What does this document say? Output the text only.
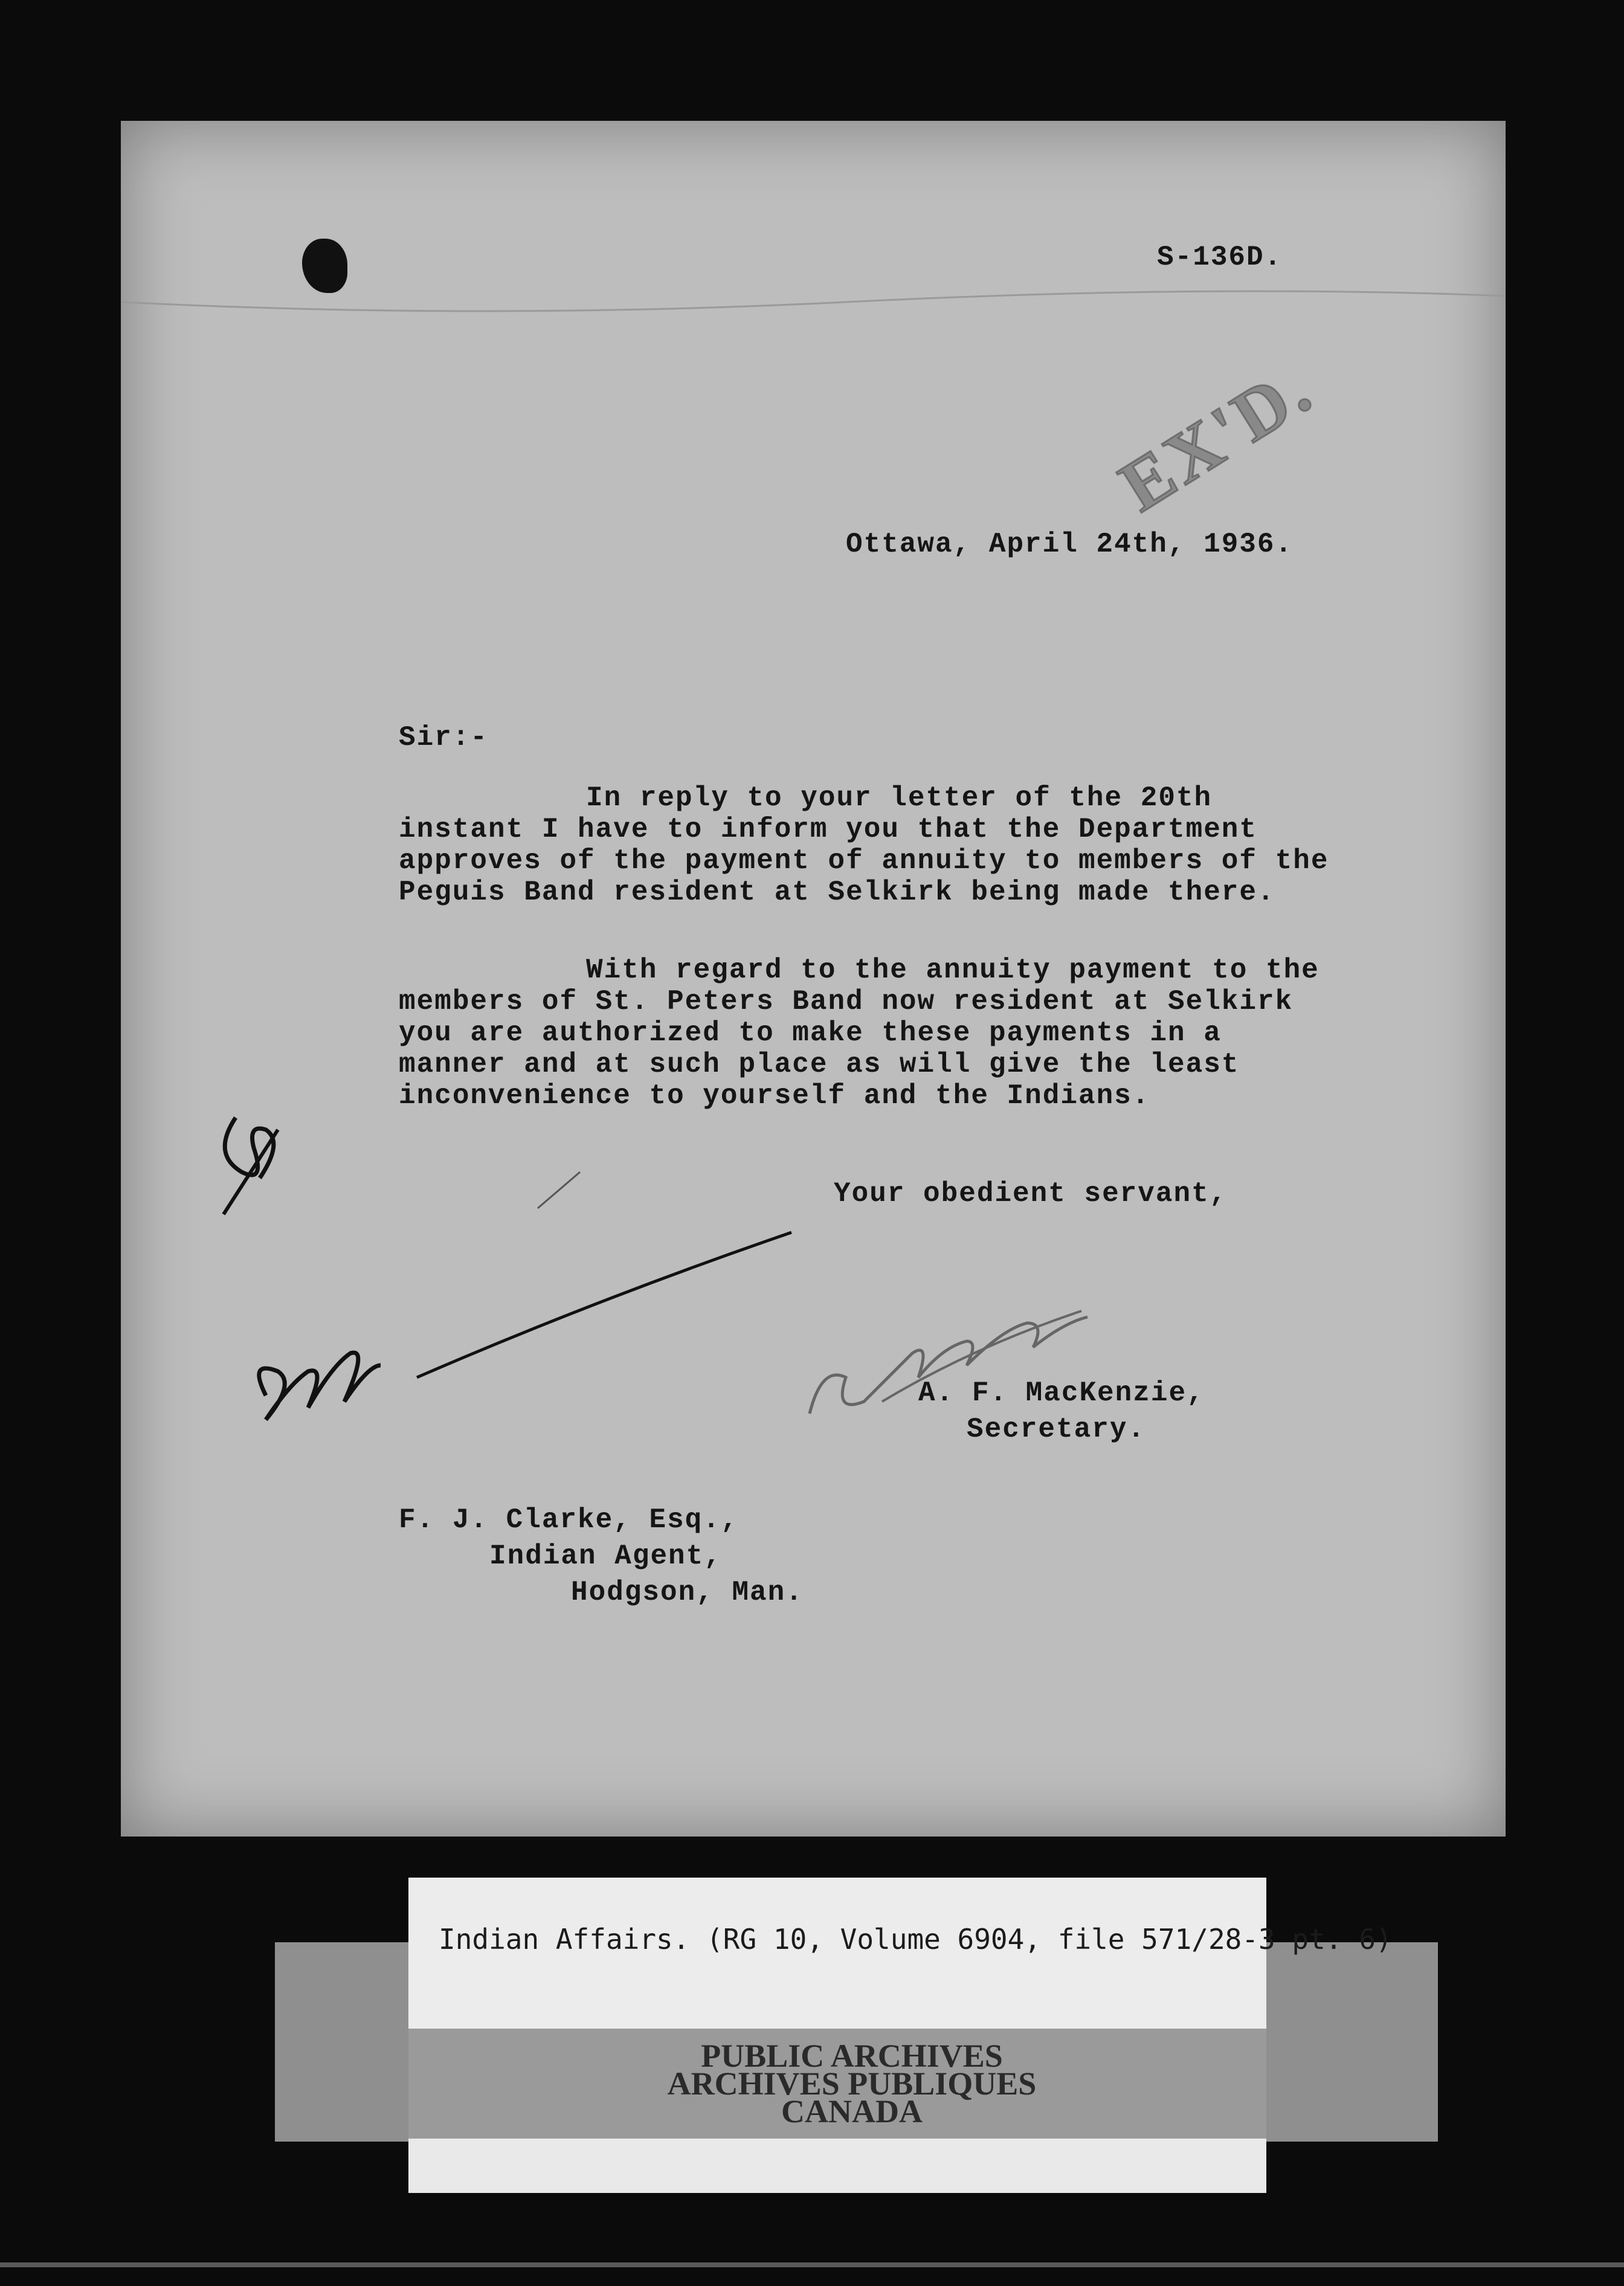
S-136D.

EX'D.

Ottawa, April 24th, 1936.

Sir:-

In reply to your letter of the 20th instant I have to inform you that the Department approves of the payment of annuity to members of the Peguis Band resident at Selkirk being made there.

With regard to the annuity payment to the members of St. Peters Band now resident at Selkirk you are authorized to make these payments in a manner and at such place as will give the least inconvenience to yourself and the Indians.

Your obedient servant,

A. F. MacKenzie,

Secretary.

F. J. Clarke, Esq.,

Indian Agent,

Hodgson, Man.

PUBLIC ARCHIVES
ARCHIVES PUBLIQUES
CANADA
Indian Affairs. (RG 10, Volume 6904, file 571/28-3 pt. 6)
